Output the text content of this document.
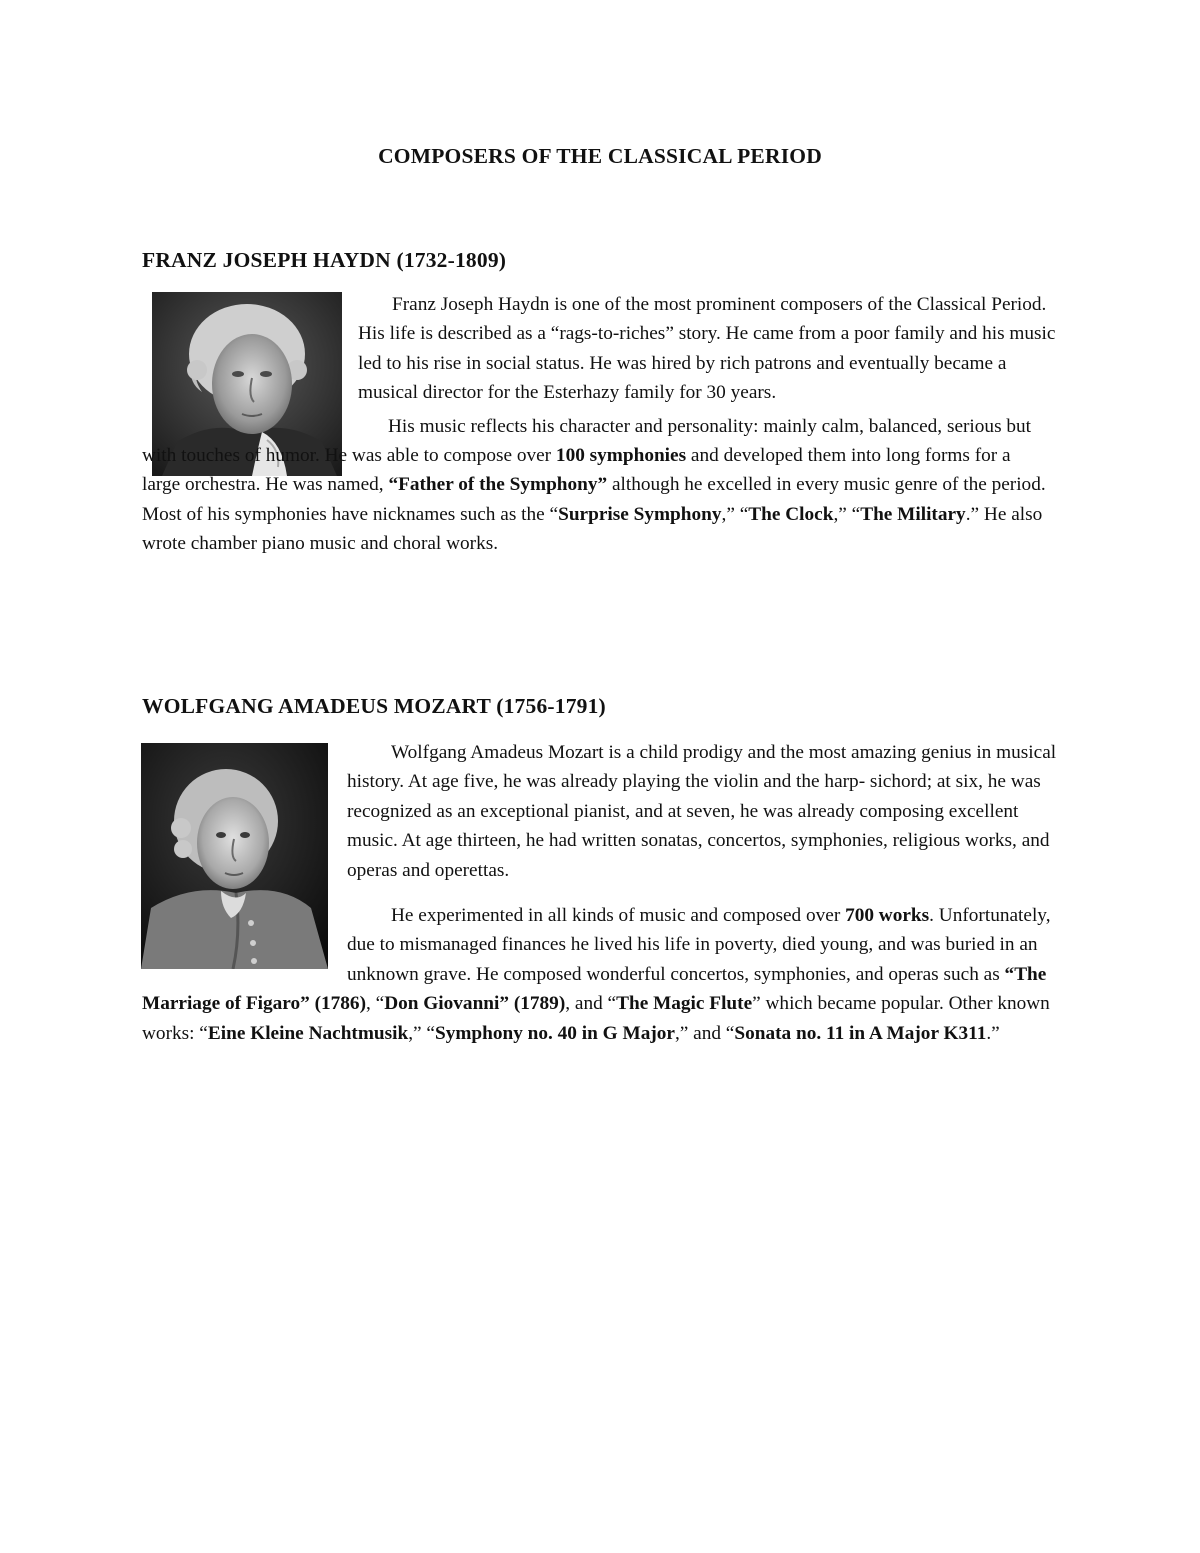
COMPOSERS OF THE CLASSICAL PERIOD
FRANZ JOSEPH HAYDN (1732-1809)

Franz Joseph Haydn is one of the most prominent composers of the Classical Period. His life is described as a “rags-to-riches” story. He came from a poor family and his music led to his rise in social status. He was hired by rich patrons and eventually became a musical director for the Esterhazy family for 30 years.

His music reflects his character and personality: mainly calm, balanced, serious but with touches of humor. He was able to compose over 100 symphonies and developed them into long forms for a large orchestra. He was named, “Father of the Symphony” although he excelled in every music genre of the period. Most of his symphonies have nicknames such as the “Surprise Symphony,” “The Clock,” “The Military.” He also wrote chamber piano music and choral works.

WOLFGANG AMADEUS MOZART (1756-1791)

Wolfgang Amadeus Mozart is a child prodigy and the most amazing genius in musical history. At age five, he was already playing the violin and the harp- sichord; at six, he was recognized as an exceptional pianist, and at seven, he was already composing excellent music. At age thirteen, he had written sonatas, concertos, symphonies, religious works, and operas and operettas.

He experimented in all kinds of music and composed over 700 works. Unfortunately, due to mismanaged finances he lived his life in poverty, died young, and was buried in an unknown grave. He composed wonderful concertos, symphonies, and operas such as “The Marriage of Figaro” (1786), “Don Giovanni” (1789), and “The Magic Flute” which became popular. Other known works: “Eine Kleine Nachtmusik,” “Symphony no. 40 in G Major,” and “Sonata no. 11 in A Major K311.”
